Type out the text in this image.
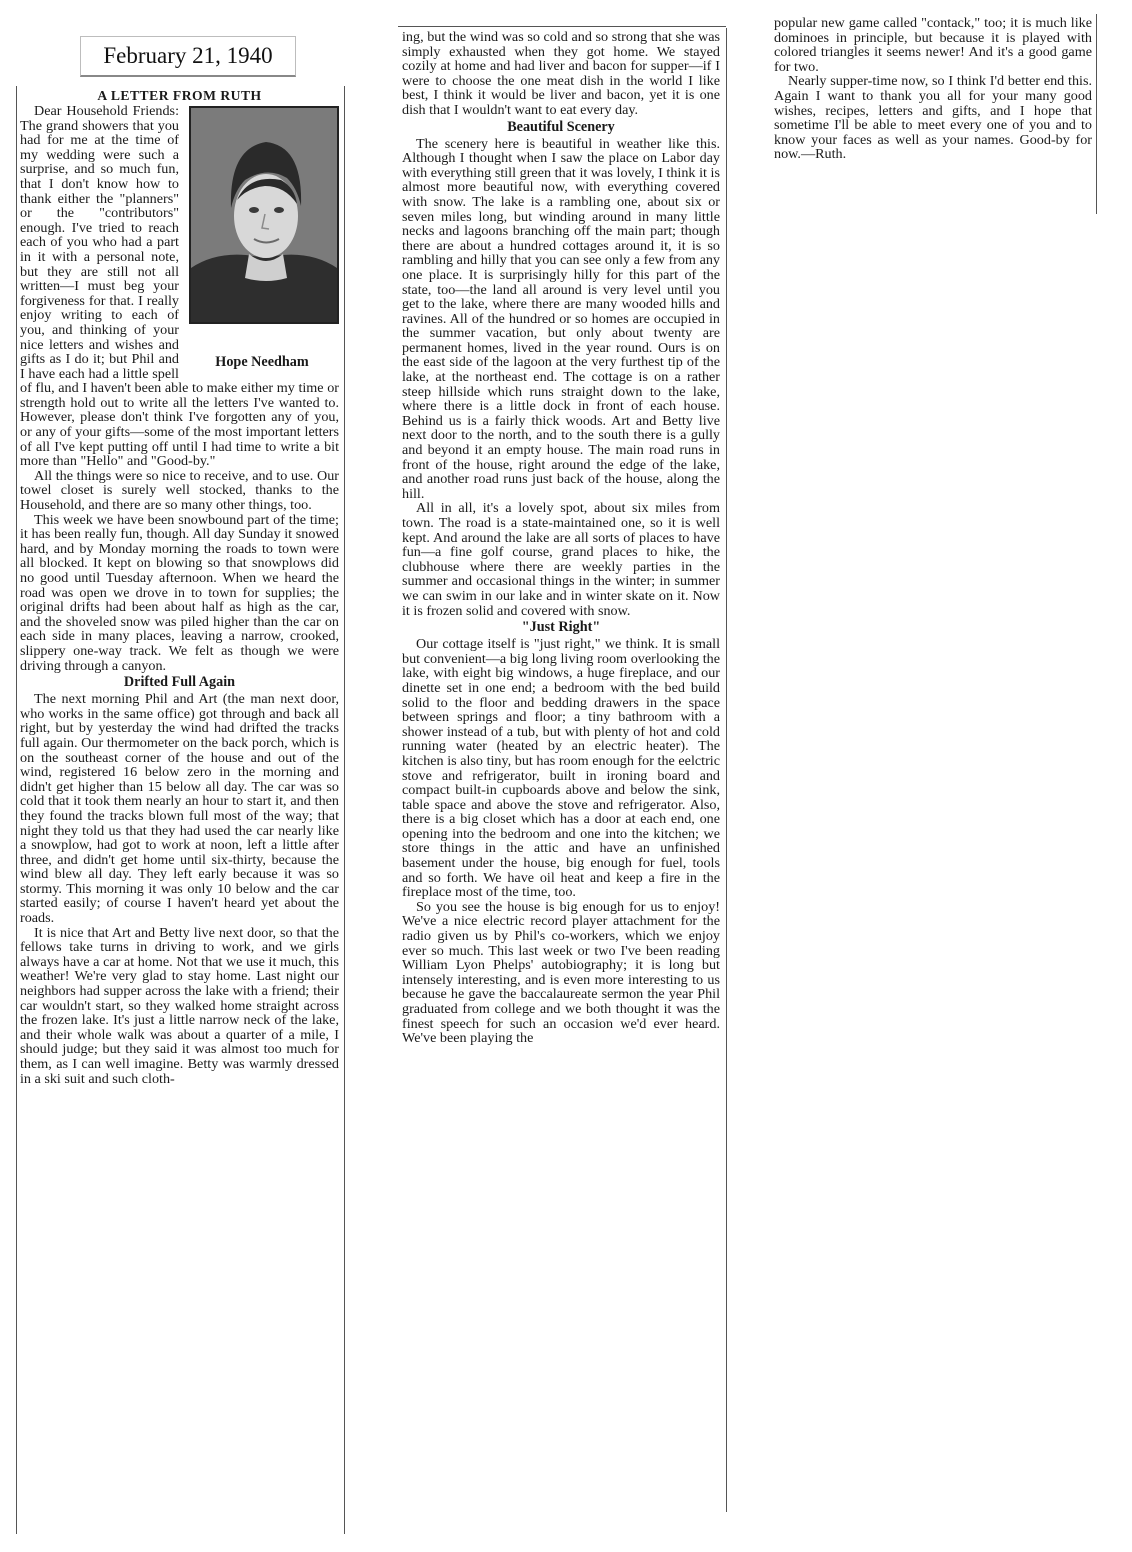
February 21, 1940
A LETTER FROM RUTH
Hope Needham

Dear Household Friends: The grand showers that you had for me at the time of my wedding were such a surprise, and so much fun, that I don't know how to thank either the "planners" or the "contributors" enough. I've tried to reach each of you who had a part in it with a personal note, but they are still not all written—I must beg your forgiveness for that. I really enjoy writing to each of you, and thinking of your nice letters and wishes and gifts as I do it; but Phil and I have each had a little spell of flu, and I haven't been able to make either my time or strength hold out to write all the letters I've wanted to. However, please don't think I've forgotten any of you, or any of your gifts—some of the most important letters of all I've kept putting off until I had time to write a bit more than "Hello" and "Good-by."

All the things were so nice to receive, and to use. Our towel closet is surely well stocked, thanks to the Household, and there are so many other things, too.

This week we have been snowbound part of the time; it has been really fun, though. All day Sunday it snowed hard, and by Monday morning the roads to town were all blocked. It kept on blowing so that snowplows did no good until Tuesday afternoon. When we heard the road was open we drove in to town for supplies; the original drifts had been about half as high as the car, and the shoveled snow was piled higher than the car on each side in many places, leaving a narrow, crooked, slippery one-way track. We felt as though we were driving through a canyon.

Drifted Full Again

The next morning Phil and Art (the man next door, who works in the same office) got through and back all right, but by yesterday the wind had drifted the tracks full again. Our thermometer on the back porch, which is on the southeast corner of the house and out of the wind, registered 16 below zero in the morning and didn't get higher than 15 below all day. The car was so cold that it took them nearly an hour to start it, and then they found the tracks blown full most of the way; that night they told us that they had used the car nearly like a snowplow, had got to work at noon, left a little after three, and didn't get home until six-thirty, because the wind blew all day. They left early because it was so stormy. This morning it was only 10 below and the car started easily; of course I haven't heard yet about the roads.

It is nice that Art and Betty live next door, so that the fellows take turns in driving to work, and we girls always have a car at home. Not that we use it much, this weather! We're very glad to stay home. Last night our neighbors had supper across the lake with a friend; their car wouldn't start, so they walked home straight across the frozen lake. It's just a little narrow neck of the lake, and their whole walk was about a quarter of a mile, I should judge; but they said it was almost too much for them, as I can well imagine. Betty was warmly dressed in a ski suit and such cloth-

ing, but the wind was so cold and so strong that she was simply exhausted when they got home. We stayed cozily at home and had liver and bacon for supper—if I were to choose the one meat dish in the world I like best, I think it would be liver and bacon, yet it is one dish that I wouldn't want to eat every day.

Beautiful Scenery

The scenery here is beautiful in weather like this. Although I thought when I saw the place on Labor day with everything still green that it was lovely, I think it is almost more beautiful now, with everything covered with snow. The lake is a rambling one, about six or seven miles long, but winding around in many little necks and lagoons branching off the main part; though there are about a hundred cottages around it, it is so rambling and hilly that you can see only a few from any one place. It is surprisingly hilly for this part of the state, too—the land all around is very level until you get to the lake, where there are many wooded hills and ravines. All of the hundred or so homes are occupied in the summer vacation, but only about twenty are permanent homes, lived in the year round. Ours is on the east side of the lagoon at the very furthest tip of the lake, at the northeast end. The cottage is on a rather steep hillside which runs straight down to the lake, where there is a little dock in front of each house. Behind us is a fairly thick woods. Art and Betty live next door to the north, and to the south there is a gully and beyond it an empty house. The main road runs in front of the house, right around the edge of the lake, and another road runs just back of the house, along the hill.

All in all, it's a lovely spot, about six miles from town. The road is a state-maintained one, so it is well kept. And around the lake are all sorts of places to have fun—a fine golf course, grand places to hike, the clubhouse where there are weekly parties in the summer and occasional things in the winter; in summer we can swim in our lake and in winter skate on it. Now it is frozen solid and covered with snow.

"Just Right"

Our cottage itself is "just right," we think. It is small but convenient—a big long living room overlooking the lake, with eight big windows, a huge fireplace, and our dinette set in one end; a bedroom with the bed build solid to the floor and bedding drawers in the space between springs and floor; a tiny bathroom with a shower instead of a tub, but with plenty of hot and cold running water (heated by an electric heater). The kitchen is also tiny, but has room enough for the eelctric stove and refrigerator, built in ironing board and compact built-in cupboards above and below the sink, table space and above the stove and refrigerator. Also, there is a big closet which has a door at each end, one opening into the bedroom and one into the kitchen; we store things in the attic and have an unfinished basement under the house, big enough for fuel, tools and so forth. We have oil heat and keep a fire in the fireplace most of the time, too.

So you see the house is big enough for us to enjoy! We've a nice electric record player attachment for the radio given us by Phil's co-workers, which we enjoy ever so much. This last week or two I've been reading William Lyon Phelps' autobiography; it is long but intensely interesting, and is even more interesting to us because he gave the baccalaureate sermon the year Phil graduated from college and we both thought it was the finest speech for such an occasion we'd ever heard. We've been playing the

popular new game called "contack," too; it is much like dominoes in principle, but because it is played with colored triangles it seems newer! And it's a good game for two.

Nearly supper-time now, so I think I'd better end this. Again I want to thank you all for your many good wishes, recipes, letters and gifts, and I hope that sometime I'll be able to meet every one of you and to know your faces as well as your names. Good-by for now.—Ruth.
